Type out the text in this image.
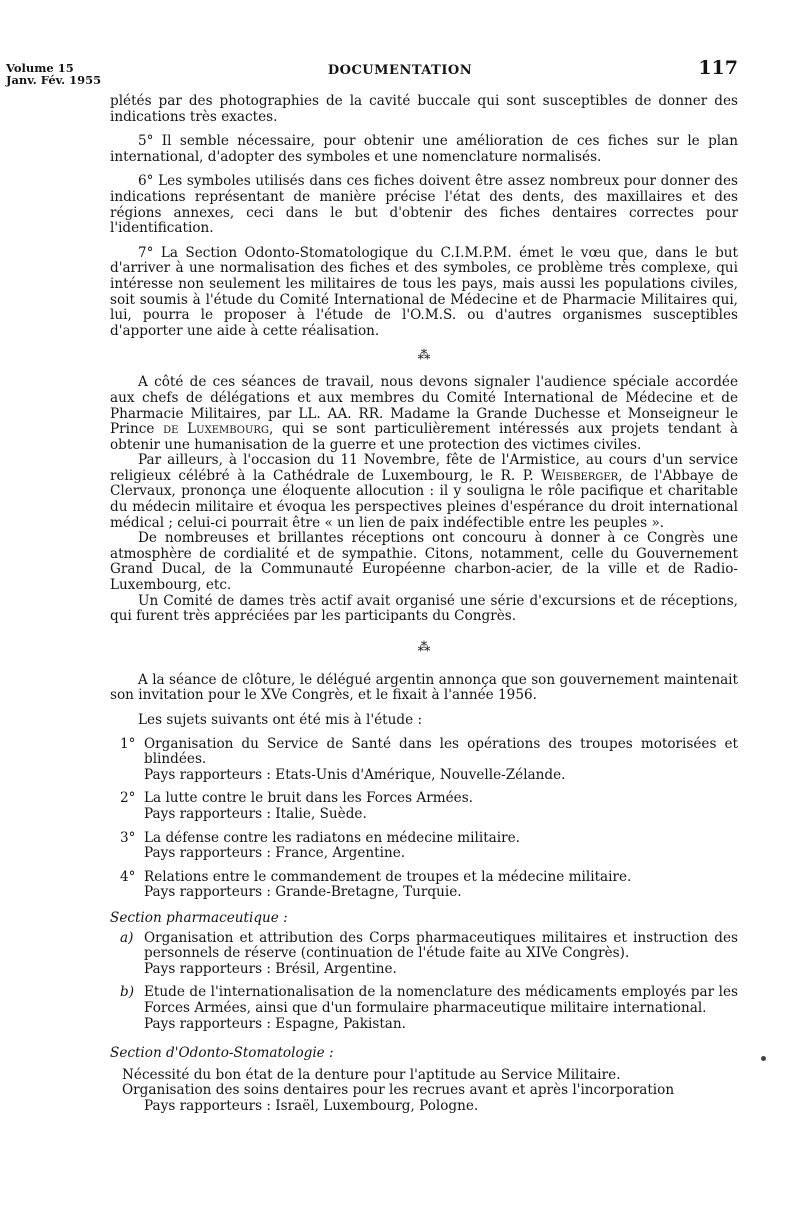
Volume 15
Janv. Fév. 1955
DOCUMENTATION	117

plétés par des photographies de la cavité buccale qui sont susceptibles de donner des indications très exactes.

5° Il semble nécessaire, pour obtenir une amélioration de ces fiches sur le plan international, d'adopter des symboles et une nomenclature normalisés.

6° Les symboles utilisés dans ces fiches doivent être assez nombreux pour donner des indications représentant de manière précise l'état des dents, des maxillaires et des régions annexes, ceci dans le but d'obtenir des fiches dentaires correctes pour l'identification.

7° La Section Odonto-Stomatologique du C.I.M.P.M. émet le vœu que, dans le but d'arriver à une normalisation des fiches et des symboles, ce problème très complexe, qui intéresse non seulement les militaires de tous les pays, mais aussi les populations civiles, soit soumis à l'étude du Comité International de Médecine et de Pharmacie Militaires qui, lui, pourra le proposer à l'étude de l'O.M.S. ou d'autres organismes susceptibles d'apporter une aide à cette réalisation.

⁂

A côté de ces séances de travail, nous devons signaler l'audience spéciale accordée aux chefs de délégations et aux membres du Comité International de Médecine et de Pharmacie Militaires, par LL. AA. RR. Madame la Grande Duchesse et Monseigneur le Prince de Luxembourg, qui se sont particulièrement intéressés aux projets tendant à obtenir une humanisation de la guerre et une protection des victimes civiles.

Par ailleurs, à l'occasion du 11 Novembre, fête de l'Armistice, au cours d'un service religieux célébré à la Cathédrale de Luxembourg, le R. P. Weisberger, de l'Abbaye de Clervaux, prononça une éloquente allocution : il y souligna le rôle pacifique et charitable du médecin militaire et évoqua les perspectives pleines d'espérance du droit international médical ; celui-ci pourrait être « un lien de paix indéfectible entre les peuples ».

De nombreuses et brillantes réceptions ont concouru à donner à ce Congrès une atmosphère de cordialité et de sympathie. Citons, notamment, celle du Gouvernement Grand Ducal, de la Communauté Européenne charbon-acier, de la ville et de Radio-Luxembourg, etc.

Un Comité de dames très actif avait organisé une série d'excursions et de réceptions, qui furent très appréciées par les participants du Congrès.

⁂

A la séance de clôture, le délégué argentin annonça que son gouvernement maintenait son invitation pour le XVe Congrès, et le fixait à l'année 1956.

Les sujets suivants ont été mis à l'étude :

1° Organisation du Service de Santé dans les opérations des troupes motorisées et blindées.
Pays rapporteurs : Etats-Unis d'Amérique, Nouvelle-Zélande.
2° La lutte contre le bruit dans les Forces Armées.
Pays rapporteurs : Italie, Suède.
3° La défense contre les radiatons en médecine militaire.
Pays rapporteurs : France, Argentine.
4° Relations entre le commandement de troupes et la médecine militaire.
Pays rapporteurs : Grande-Bretagne, Turquie.
Section pharmaceutique :
a) Organisation et attribution des Corps pharmaceutiques militaires et instruction des personnels de réserve (continuation de l'étude faite au XIVe Congrès).
Pays rapporteurs : Brésil, Argentine.
b) Etude de l'internationalisation de la nomenclature des médicaments employés par les Forces Armées, ainsi que d'un formulaire pharmaceutique militaire international.
Pays rapporteurs : Espagne, Pakistan.
Section d'Odonto-Stomatologie :
Nécessité du bon état de la denture pour l'aptitude au Service Militaire.
Organisation des soins dentaires pour les recrues avant et après l'incorporation
Pays rapporteurs : Israël, Luxembourg, Pologne.
